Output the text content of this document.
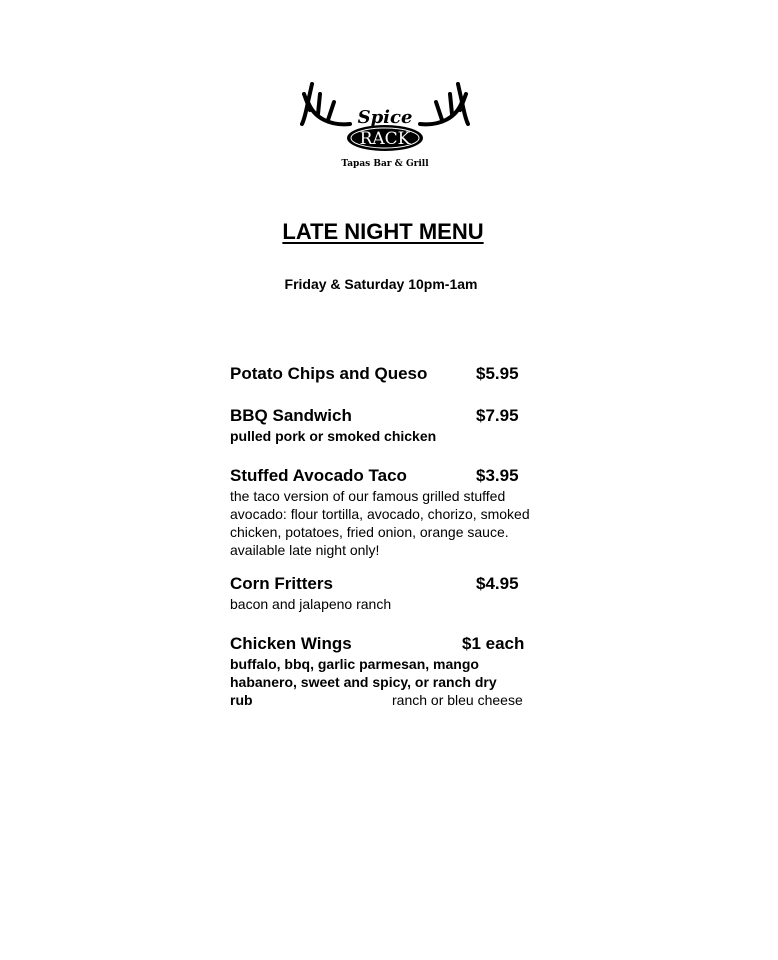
Spice
RACK
Tapas Bar & Grill
LATE NIGHT MENU
Friday & Saturday 10pm-1am
Potato Chips and Queso	$5.95
BBQ Sandwich	$7.95
pulled pork or smoked chicken
Stuffed Avocado Taco	$3.95
the taco version of our famous grilled stuffed avocado: flour tortilla, avocado, chorizo, smoked chicken, potatoes, fried onion, orange sauce. available late night only!
Corn Fritters	$4.95
bacon and jalapeno ranch
Chicken Wings	$1 each
buffalo, bbq, garlic parmesan, mango
habanero, sweet and spicy, or ranch dry
rub	ranch or bleu cheese
